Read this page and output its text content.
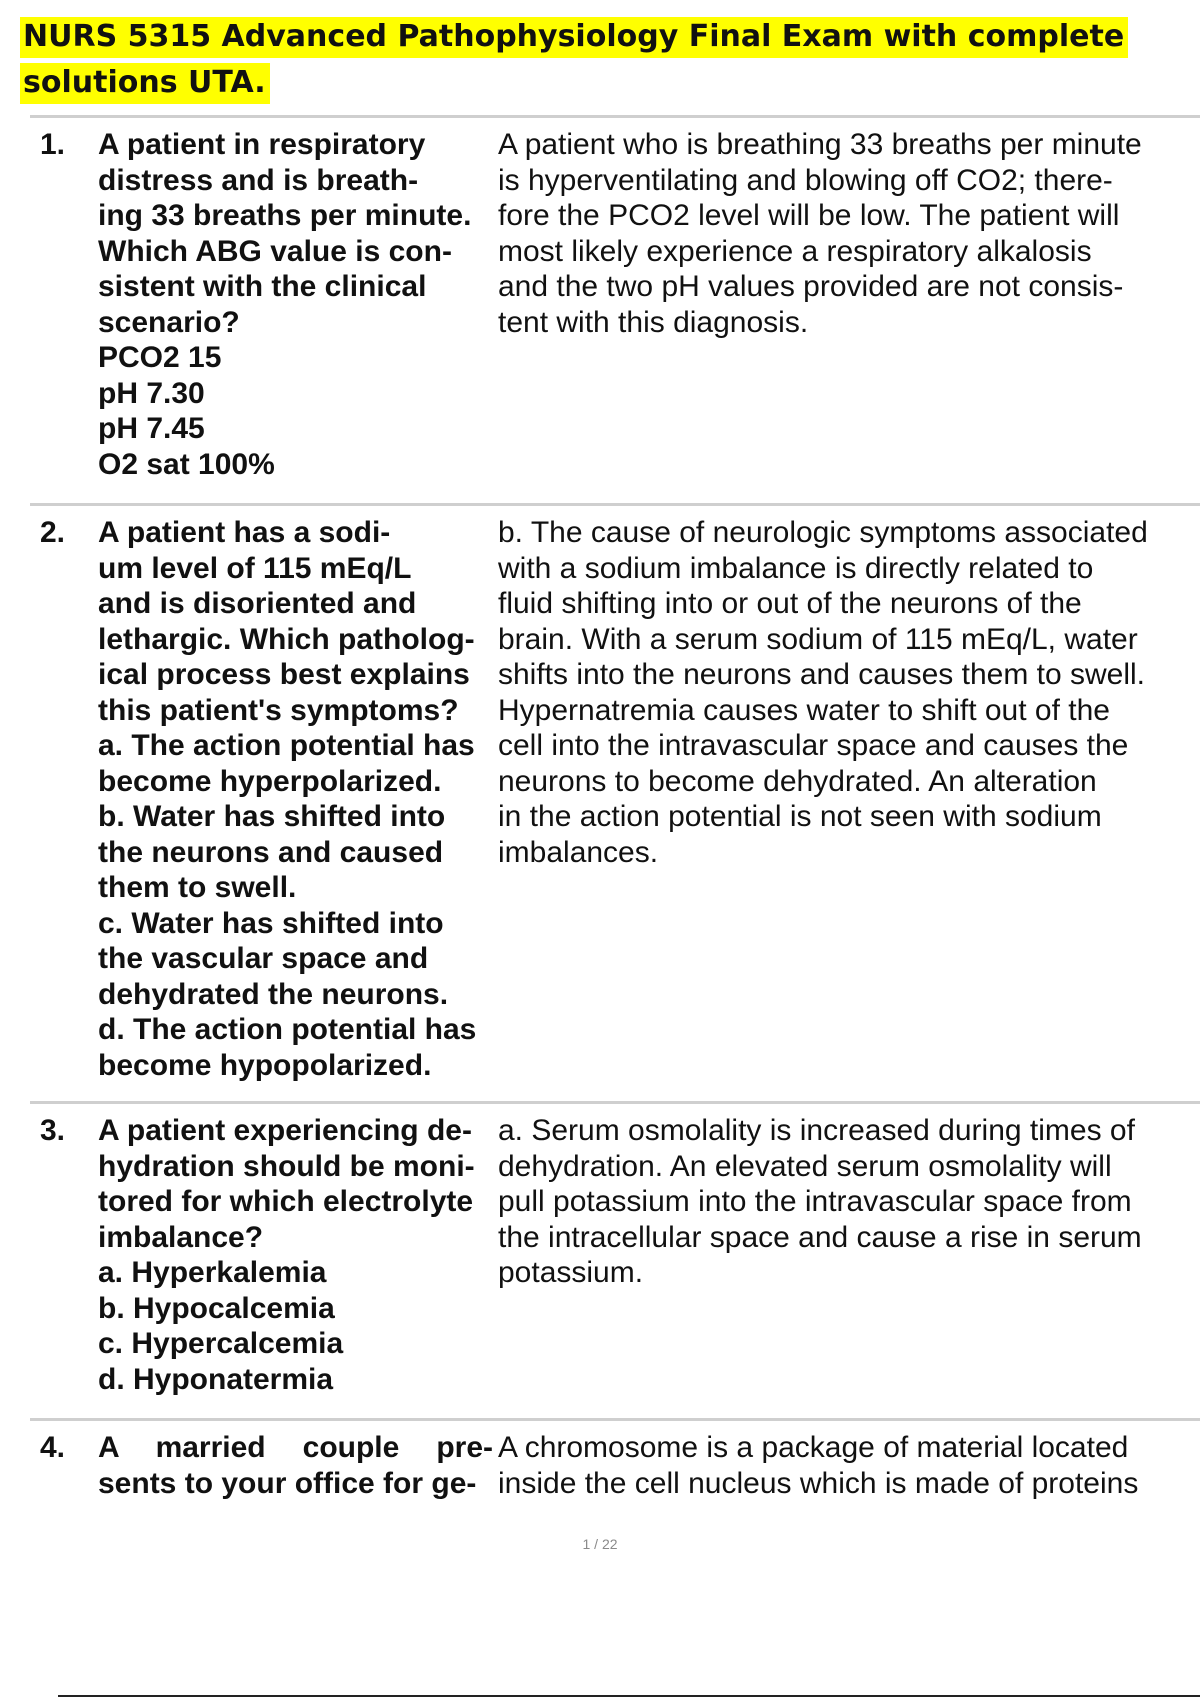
NURS 5315 Advanced Pathophysiology Final Exam with complete solutions UTA.
1. A patient in respiratory
distress and is breath-
ing 33 breaths per minute.
Which ABG value is con-
sistent with the clinical
scenario?
PCO2 15
pH 7.30
pH 7.45
O2 sat 100%
A patient who is breathing 33 breaths per minute
is hyperventilating and blowing off CO2; there-
fore the PCO2 level will be low. The patient will
most likely experience a respiratory alkalosis
and the two pH values provided are not consis-
tent with this diagnosis.
2. A patient has a sodi-
um level of 115 mEq/L
and is disoriented and
lethargic. Which patholog-
ical process best explains
this patient's symptoms?
a. The action potential has
become hyperpolarized.
b. Water has shifted into
the neurons and caused
them to swell.
c. Water has shifted into
the vascular space and
dehydrated the neurons.
d. The action potential has
become hypopolarized.
b. The cause of neurologic symptoms associated
with a sodium imbalance is directly related to
fluid shifting into or out of the neurons of the
brain. With a serum sodium of 115 mEq/L, water
shifts into the neurons and causes them to swell.
Hypernatremia causes water to shift out of the
cell into the intravascular space and causes the
neurons to become dehydrated. An alteration
in the action potential is not seen with sodium
imbalances.
3. A patient experiencing de-
hydration should be moni-
tored for which electrolyte
imbalance?
a. Hyperkalemia
b. Hypocalcemia
c. Hypercalcemia
d. Hyponatermia
a. Serum osmolality is increased during times of
dehydration. An elevated serum osmolality will
pull potassium into the intravascular space from
the intracellular space and cause a rise in serum
potassium.
4. A married couple pre-
sents to your office for ge-
A chromosome is a package of material located
inside the cell nucleus which is made of proteins
1 / 22
